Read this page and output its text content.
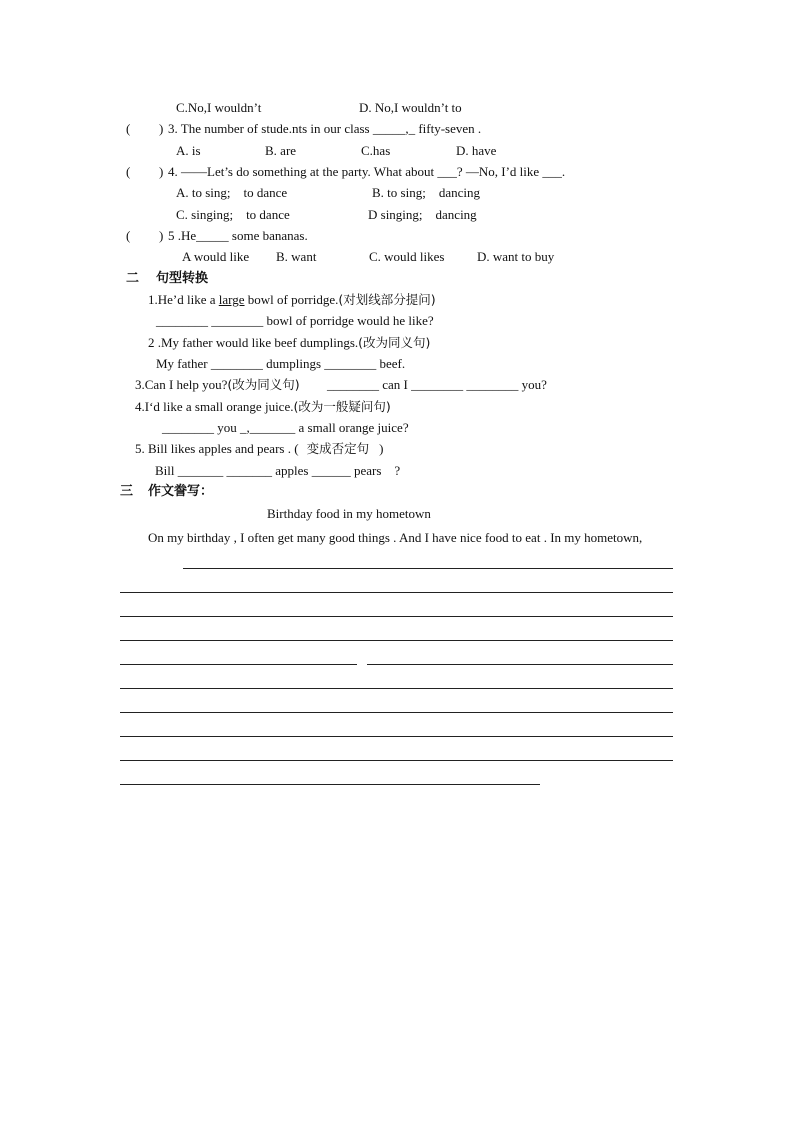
C.No,I wouldn’t	D. No,I wouldn’t to
( ) 3. The number of stude.nts in our class _____,_ fifty-seven .
A. is	B. are	C.has	D. have
( ) 4. ——Let’s do something at the party. What about ___? —No, I’d like ___.
A. to sing;    to dance	B. to sing;    dancing
C. singing;    to dance	D singing;    dancing
( ) 5 .He_____ some bananas.
A would like B. want	C. would likes	D. want to buy
二 句型转换
1.He’d like a large bowl of porridge.(对划线部分提问)
________ ________ bowl of porridge would he like?
2 .My father would like beef dumplings.(改为同义句)
My father ________ dumplings ________ beef.
3.Can I help you?(改为同义句) ________ can I ________ ________ you?
4.I‘d like a small orange juice.(改为一般疑问句)
________ you _,_______ a small orange juice?
5. Bill likes apples and pears . ( 变成否定句 )
Bill _______ _______ apples ______ pears    ?
三 作文誊写：
Birthday food in my hometown
On my birthday , I often get many good things . And I have nice food to eat . In my hometown,
